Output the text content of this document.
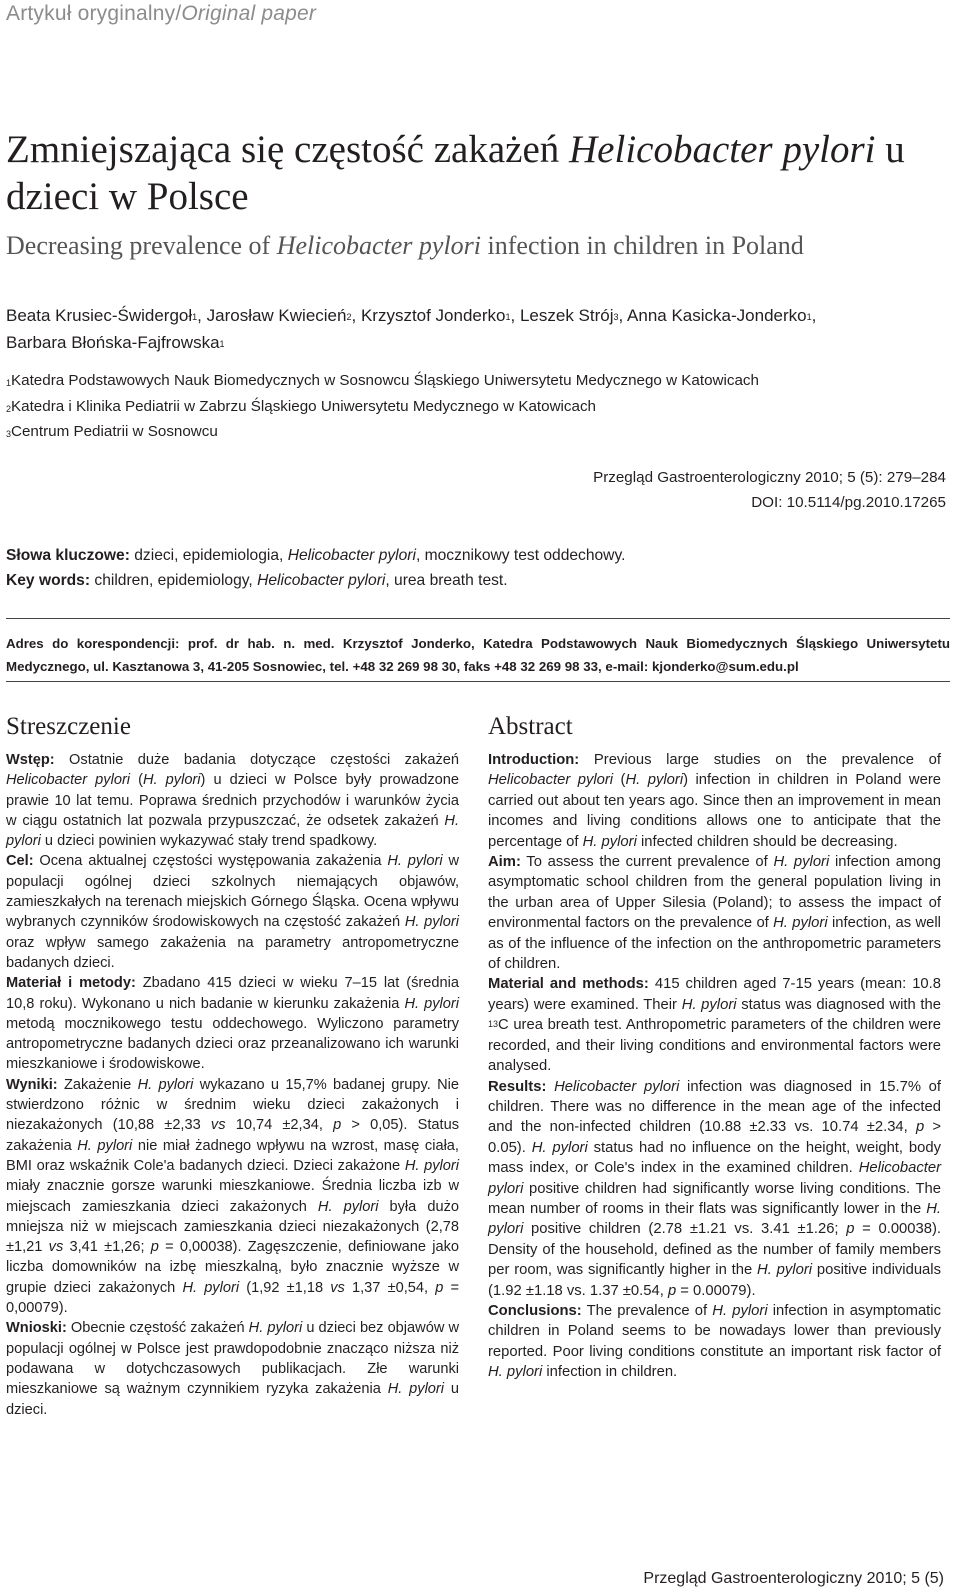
Artykuł oryginalny/Original paper
Zmniejszająca się częstość zakażeń Helicobacter pylori u dzieci w Polsce
Decreasing prevalence of Helicobacter pylori infection in children in Poland
Beata Krusiec-Świdergoł$^1$, Jarosław Kwiecień$^2$, Krzysztof Jonderko$^1$, Leszek Strój$^3$, Anna Kasicka-Jonderko$^1$,
Barbara Błońska-Fajfrowska$^1$
$^1$Katedra Podstawowych Nauk Biomedycznych w Sosnowcu Śląskiego Uniwersytetu Medycznego w Katowicach
$^2$Katedra i Klinika Pediatrii w Zabrzu Śląskiego Uniwersytetu Medycznego w Katowicach
$^3$Centrum Pediatrii w Sosnowcu
Przegląd Gastroenterologiczny 2010; 5 (5): 279–284
DOI: 10.5114/pg.2010.17265
Słowa kluczowe: dzieci, epidemiologia, Helicobacter pylori, mocznikowy test oddechowy.
Key words: children, epidemiology, Helicobacter pylori, urea breath test.
Adres do korespondencji: prof. dr hab. n. med. Krzysztof Jonderko, Katedra Podstawowych Nauk Biomedycznych Śląskiego Uniwersytetu Medycznego, ul. Kasztanowa 3, 41-205 Sosnowiec, tel. +48 32 269 98 30, faks +48 32 269 98 33, e-mail: kjonderko@sum.edu.pl
Streszczenie

Wstęp: Ostatnie duże badania dotyczące częstości zakażeń Helicobacter pylori (H. pylori) u dzieci w Polsce były prowadzone prawie 10 lat temu. Poprawa średnich przychodów i warunków życia w ciągu ostatnich lat pozwala przypuszczać, że odsetek zakażeń H. pylori u dzieci powinien wykazywać stały trend spadkowy.
Cel: Ocena aktualnej częstości występowania zakażenia H. pylori w populacji ogólnej dzieci szkolnych niemających objawów, zamieszkałych na terenach miejskich Górnego Śląska. Ocena wpływu wybranych czynników środowiskowych na częstość zakażeń H. pylori oraz wpływ samego zakażenia na parametry antropometryczne badanych dzieci.
Materiał i metody: Zbadano 415 dzieci w wieku 7–15 lat (średnia 10,8 roku). Wykonano u nich badanie w kierunku zakażenia H. pylori metodą mocznikowego testu oddechowego. Wyliczono parametry antropometryczne badanych dzieci oraz przeanalizowano ich warunki mieszkaniowe i środowiskowe.
Wyniki: Zakażenie H. pylori wykazano u 15,7% badanej grupy. Nie stwierdzono różnic w średnim wieku dzieci zakażonych i niezakażonych (10,88 ±2,33 vs 10,74 ±2,34, p > 0,05). Status zakażenia H. pylori nie miał żadnego wpływu na wzrost, masę ciała, BMI oraz wskaźnik Cole'a badanych dzieci. Dzieci zakażone H. pylori miały znacznie gorsze warunki mieszkaniowe. Średnia liczba izb w miejscach zamieszkania dzieci zakażonych H. pylori była dużo mniejsza niż w miejscach zamieszkania dzieci niezakażonych (2,78 ±1,21 vs 3,41 ±1,26; p = 0,00038). Zagęszczenie, definiowane jako liczba domowników na izbę mieszkalną, było znacznie wyższe w grupie dzieci zakażonych H. pylori (1,92 ±1,18 vs 1,37 ±0,54, p = 0,00079).
Wnioski: Obecnie częstość zakażeń H. pylori u dzieci bez objawów w populacji ogólnej w Polsce jest prawdopodobnie znacząco niższa niż podawana w dotychczasowych publikacjach. Złe warunki mieszkaniowe są ważnym czynnikiem ryzyka zakażenia H. pylori u dzieci.

Abstract

Introduction: Previous large studies on the prevalence of Helicobacter pylori (H. pylori) infection in children in Poland were carried out about ten years ago. Since then an improvement in mean incomes and living conditions allows one to anticipate that the percentage of H. pylori infected children should be decreasing.
Aim: To assess the current prevalence of H. pylori infection among asymptomatic school children from the general population living in the urban area of Upper Silesia (Poland); to assess the impact of environmental factors on the prevalence of H. pylori infection, as well as of the influence of the infection on the anthropometric parameters of children.
Material and methods: 415 children aged 7-15 years (mean: 10.8 years) were examined. Their H. pylori status was diagnosed with the $^{13}$C urea breath test. Anthropometric parameters of the children were recorded, and their living conditions and environmental factors were analysed.
Results: Helicobacter pylori infection was diagnosed in 15.7% of children. There was no difference in the mean age of the infected and the non-infected children (10.88 ±2.33 vs. 10.74 ±2.34, p > 0.05). H. pylori status had no influence on the height, weight, body mass index, or Cole's index in the examined children. Helicobacter pylori positive children had significantly worse living conditions. The mean number of rooms in their flats was significantly lower in the H. pylori positive children (2.78 ±1.21 vs. 3.41 ±1.26; p = 0.00038). Density of the household, defined as the number of family members per room, was significantly higher in the H. pylori positive individuals (1.92 ±1.18 vs. 1.37 ±0.54, p = 0.00079).
Conclusions: The prevalence of H. pylori infection in asymptomatic children in Poland seems to be nowadays lower than previously reported. Poor living conditions constitute an important risk factor of H. pylori infection in children.

Przegląd Gastroenterologiczny 2010; 5 (5)
